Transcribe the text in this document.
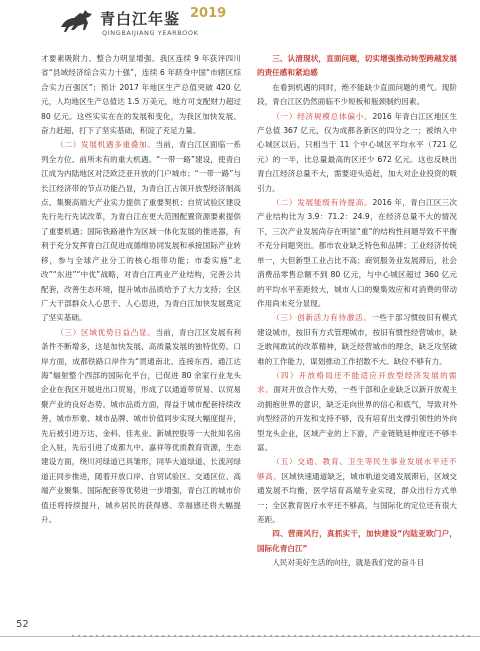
青白江年鉴 2019
QINGBAIJIANG YEARBOOK

才要素吸附力、整合力明显增强。我区连续 9 年获评四川省“县域经济综合实力十强”，连续 6 年跻身中国“市辖区综合实力百强区”；预计 2017 年地区生产总值突破 420 亿元，人均地区生产总值达 1.5 万美元，地方可支配财力超过 80 亿元。这些实实在在的发展和变化，为我区加快发展、奋力赶超，打下了坚实基础，积淀了充足力量。

（二）发展机遇多重叠加。当前，青白江区面临一系列全方位、前所未有的重大机遇。“一带一路”建设，使青白江成为内陆地区对泛欧泛亚开放的门户城市；“一带一路”与长江经济带的节点功能凸显，为青白江占领开放型经济制高点、集聚高端大产业实力提供了重要契机；自贸试验区建设先行先行先试改革，为青白江在更大范围配置资源要素提供了重要机遇；国际铁路港作为区域一体化发展的推进器，有利于充分发挥青白江促进成德绵协同发展和承接国际产业转移，参与全球产业分工的核心组带功能；市委实施“北改”“东进”“中优”战略，对青白江两业产业结构，完善公共配套，改善生态环境，提升城市品质给予了大力支持；全区广大干部群众人心思干、人心思进，为青白江加快发展奠定了坚实基础。

（三）区域优势日益凸显。当前，青白江区发展有利条件不断增多，这是加快发展、高质量发展的独特优势。口岸方面，成都铁路口岸作为“贯通南北、连接东西、通江达海”辐射整个西部的国际化平台，已促进 80 余家行业龙头企业在我区开展进出口贸易，形成了以通道带贸易、以贸易聚产业的良好态势。城市品质方面，得益于城市配套持续改善，城市形象、城市品牌、城市价值同步实现大幅度提升，先后被引进万达、金科、佳兆业、新城控股等一大批知名房企入驻，先后引进了成都九中、嘉祥等优质教育资源，生态建设方面，绕川河绿道已具雏形，同华大道绿道、长流河绿道正同步推进，随着开放口岸、自贸试验区、交通区位、高端产业聚集、国际配套等优势进一步增强，青白江的城市价值还将持续提升，城乡居民的获得感、幸福感还将大幅提升。

三、认清现状，直面问题，切实增强推动转型跨越发展的责任感和紧迫感

在看到机遇的同时，绝不能缺少直面问题的勇气。现阶段，青白江区仍然面临不少短板和瓶颈制约因素。

（一）经济规模总体偏小。2016 年青白江区地区生产总值 367 亿元，仅为成都各新区的四分之一；被纳入中心城区以后，只相当于 11 个中心城区平均水平（721 亿元）的一半，比总量最高的区还少 672 亿元。这也反映出青白江经济总量不大，需要迎头追赶，加大对企业投资的吸引力。

（二）发展能级有待提高。2016 年，青白江区三次产业结构比为 3.9：71.2：24.9，在经济总量不大的情况下，三次产业发展尚存在明显“重”的结构性问题导致不平衡不充分问题突出。都市农业缺乏特色和品牌；工业经济传统单一，大但新型工业占比不高；商贸服务业发展滞后，社会消费品零售总额不到 80 亿元，与中心城区超过 360 亿元的平均水平差距较大，城市人口的聚集效应和对消费的带动作用尚未充分显现。

（三）创新活力有待激活。一些干部习惯按旧有模式建设城市，按旧有方式管理城市，按旧有惯性经营城市，缺乏敢闯敢试的改革精神，缺乏经营城市的理念，缺乏攻坚破难的工作能力，谋划推动工作招数不大、缺位不够有力。

（四）开放格局还不能适应开放型经济发展的需求。面对开放合作大势，一些干部和企业缺乏以新开放观主动拥抱世界的意识，缺乏走向世界的信心和底气，导致对外向型经济的开发和支持不够，没有培育出支撑引领性的外向型龙头企业，区域产业的上下游，产业链链延伸度还不够丰富。

（五）交通、教育、卫生等民生事业发展水平还不够高。区域快速通道缺乏，城市轨道交通发展滞后，区域交通发展不均衡，医学培育高端专业实现，群众出行方式单一；全区教育医疗水平还不够高，与国际化的定位还有很大差距。

四、营商风行，真抓实干，加快建设“内陆亚欧门户，国际化青白江”

人民对美好生活的向往，就是我们党的奋斗目

52
